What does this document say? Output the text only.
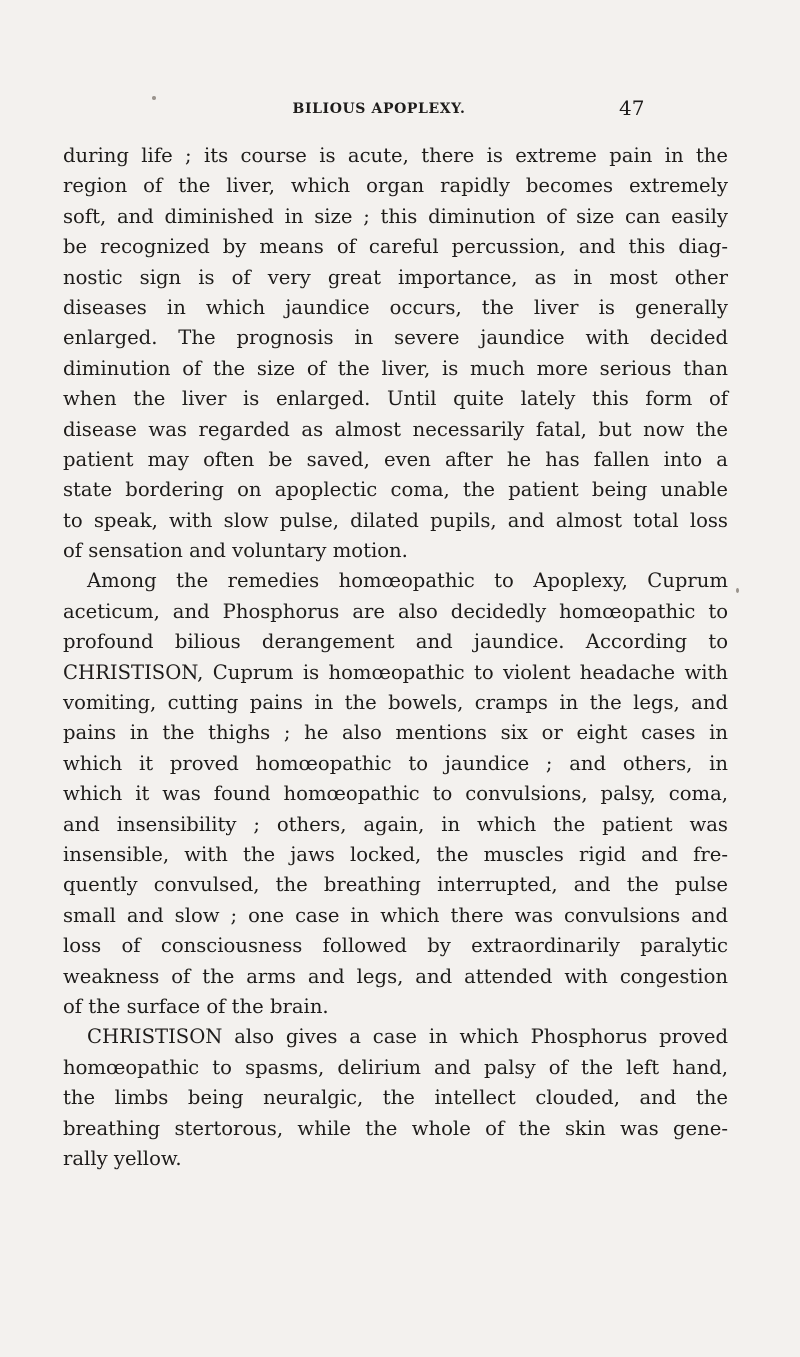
BILIOUS APOPLEXY.	47
during life ; its course is acute, there is extreme pain in the
region of the liver, which organ rapidly becomes extremely
soft, and diminished in size ; this diminution of size can easily
be recognized by means of careful percussion, and this diag-
nostic sign is of very great importance, as in most other
diseases in which jaundice occurs, the liver is generally
enlarged. The prognosis in severe jaundice with decided
diminution of the size of the liver, is much more serious than
when the liver is enlarged. Until quite lately this form of
disease was regarded as almost necessarily fatal, but now the
patient may often be saved, even after he has fallen into a
state bordering on apoplectic coma, the patient being unable
to speak, with slow pulse, dilated pupils, and almost total loss
of sensation and voluntary motion.
Among the remedies homœopathic to Apoplexy, Cuprum
aceticum, and Phosphorus are also decidedly homœopathic to
profound bilious derangement and jaundice. According to
CHRISTISON, Cuprum is homœopathic to violent headache with
vomiting, cutting pains in the bowels, cramps in the legs, and
pains in the thighs ; he also mentions six or eight cases in
which it proved homœopathic to jaundice ; and others, in
which it was found homœopathic to convulsions, palsy, coma,
and insensibility ; others, again, in which the patient was
insensible, with the jaws locked, the muscles rigid and fre-
quently convulsed, the breathing interrupted, and the pulse
small and slow ; one case in which there was convulsions and
loss of consciousness followed by extraordinarily paralytic
weakness of the arms and legs, and attended with congestion
of the surface of the brain.
CHRISTISON also gives a case in which Phosphorus proved
homœopathic to spasms, delirium and palsy of the left hand,
the limbs being neuralgic, the intellect clouded, and the
breathing stertorous, while the whole of the skin was gene-
rally yellow.
